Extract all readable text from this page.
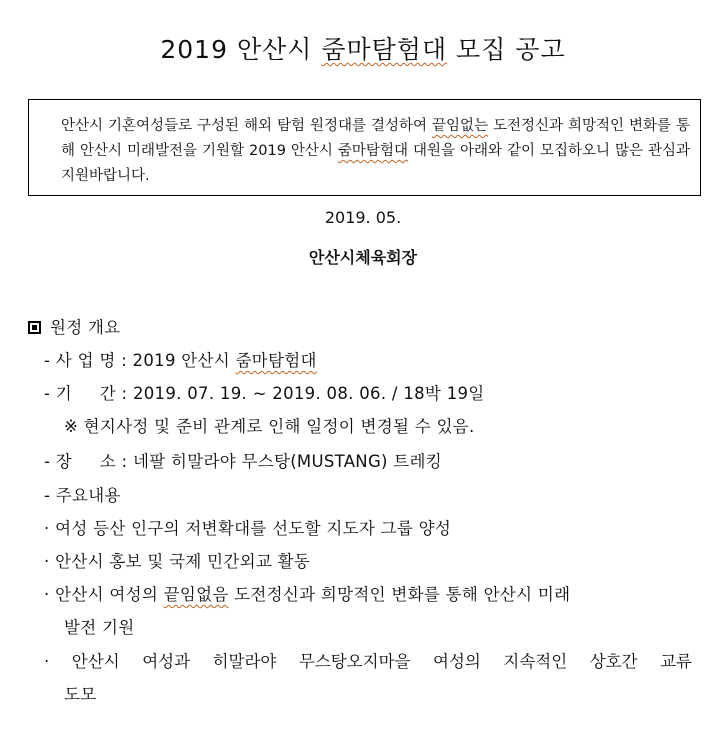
2019 안산시 줌마탐험대 모집 공고
안산시 기혼여성들로 구성된 해외 탐험 원정대를 결성하여 끝임없는 도전정신과 희망적인 변화를 통해 안산시 미래발전을 기원할 2019 안산시 줌마탐험대 대원을 아래와 같이 모집하오니 많은 관심과 지원바랍니다.
2019. 05.
안산시체육회장
원정 개요
- 사 업 명 : 2019 안산시 줌마탐험대
- 기     간 : 2019. 07. 19. ~ 2019. 08. 06. / 18박 19일
※ 현지사정 및 준비 관계로 인해 일정이 변경될 수 있음.
- 장     소 : 네팔 히말라야 무스탕(MUSTANG) 트레킹
- 주요내용
· 여성 등산 인구의 저변확대를 선도할 지도자 그룹 양성
· 안산시 홍보 및 국제 민간외교 활동
· 안산시 여성의 끝임없음 도전정신과 희망적인 변화를 통해 안산시 미래
발전 기원
· 안산시 여성과 히말라야 무스탕오지마을 여성의 지속적인 상호간 교류
도모
